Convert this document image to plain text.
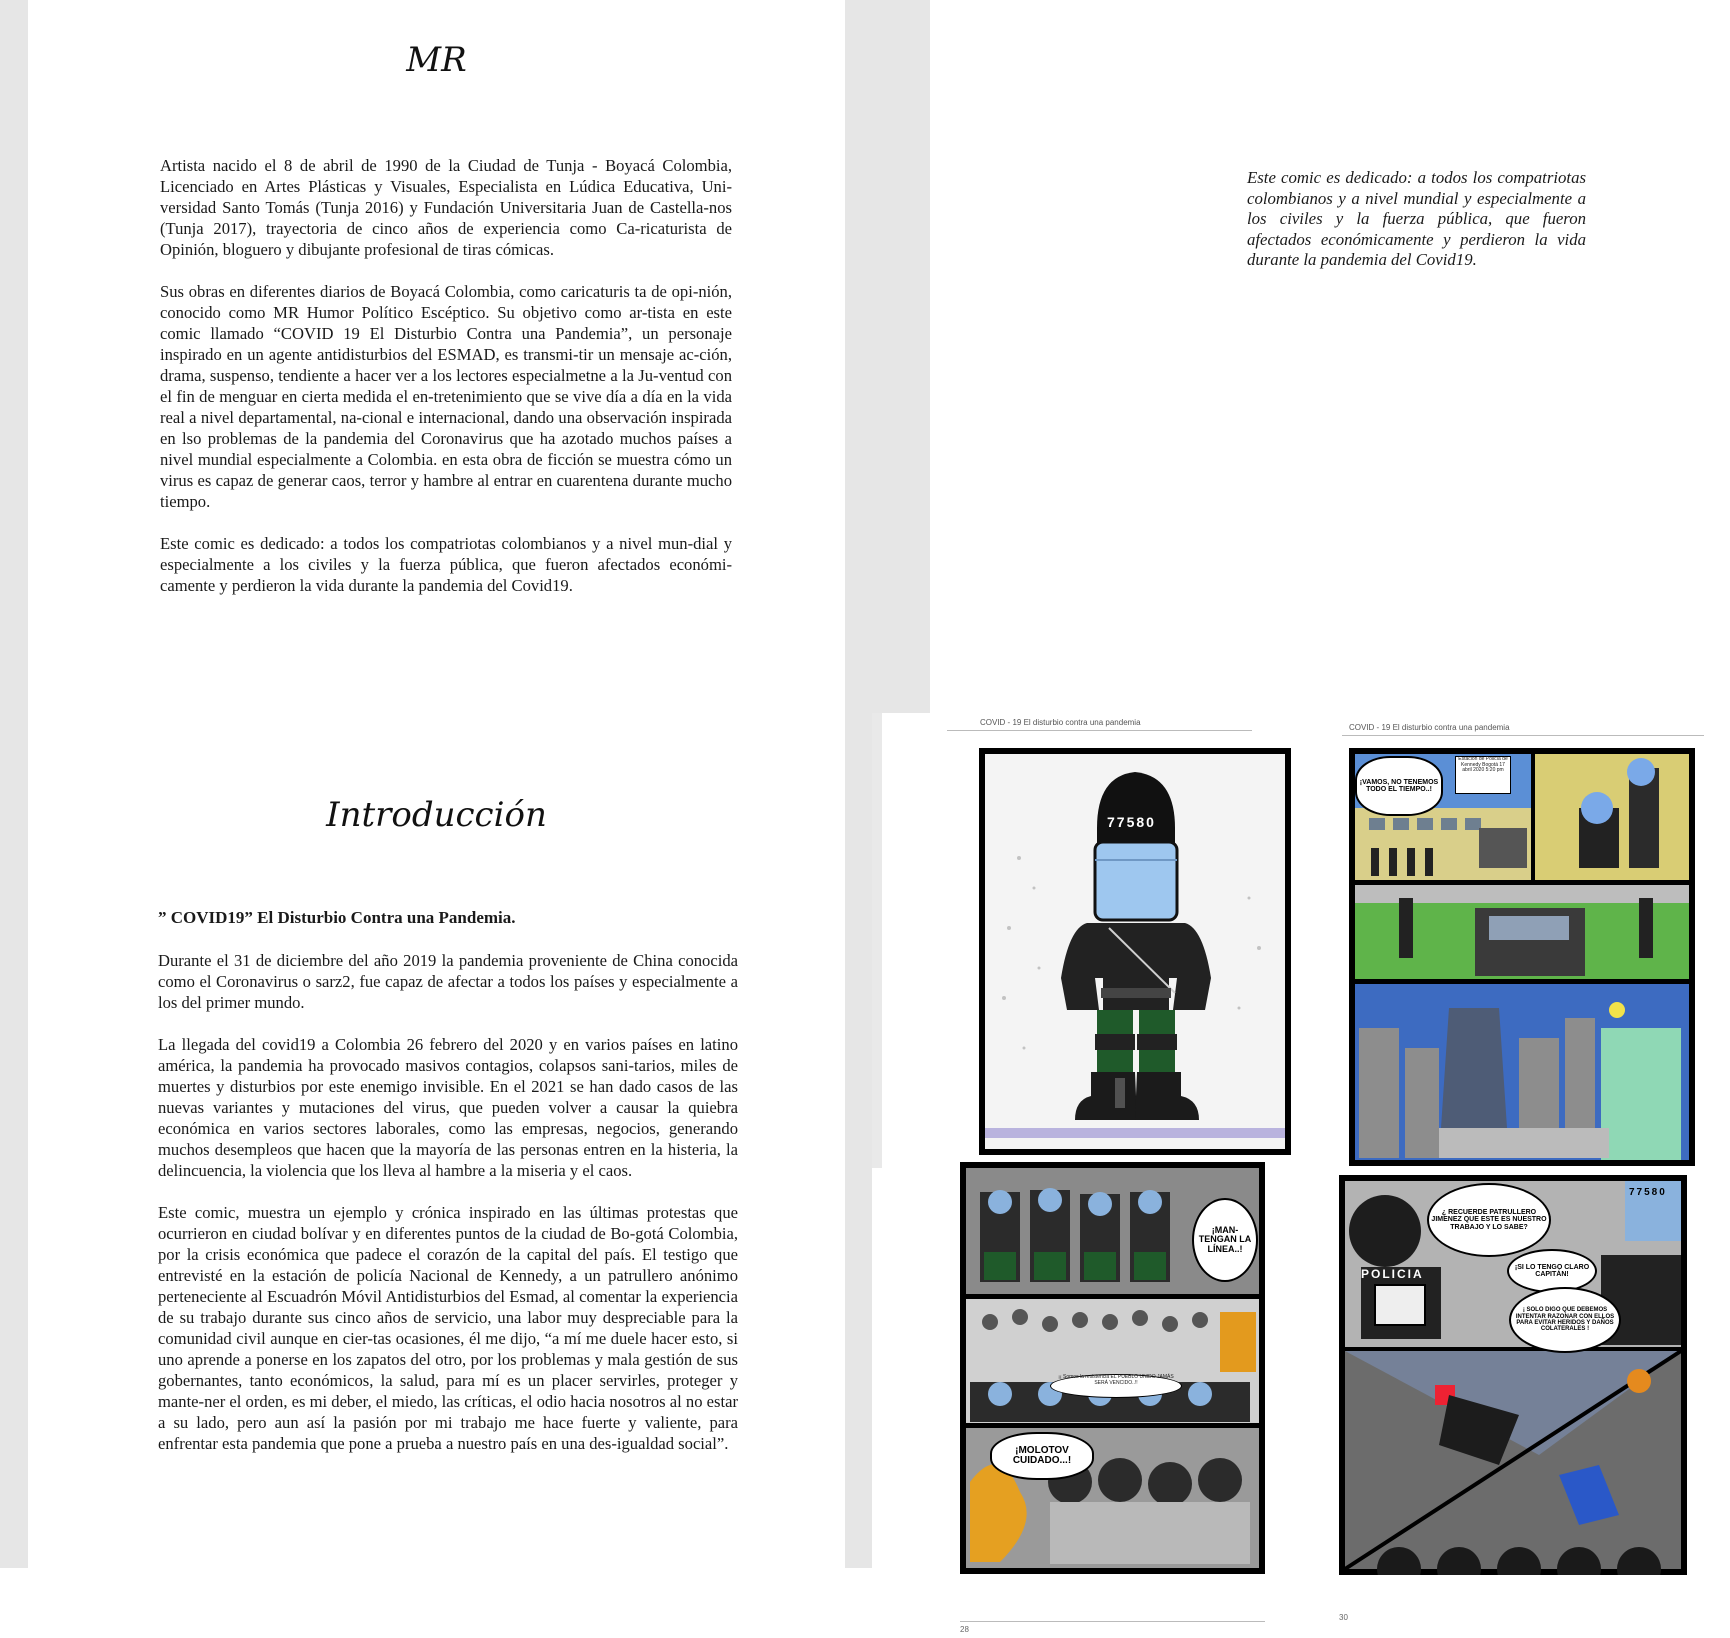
MR

Artista nacido el 8 de abril de 1990 de la Ciudad de Tunja - Boyacá Colombia, Licenciado en Artes Plásticas y Visuales, Especialista en Lúdica Educativa, Uni-versidad Santo Tomás (Tunja 2016) y Fundación Universitaria Juan de Castella-nos (Tunja 2017), trayectoria de cinco años de experiencia como Ca-ricaturista de Opinión, bloguero y dibujante profesional de tiras cómicas.

Sus obras en diferentes diarios de Boyacá Colombia, como caricaturis ta de opi-nión, conocido como MR Humor Político Escéptico. Su objetivo como ar-tista en este comic llamado “COVID 19 El Disturbio Contra una Pandemia”, un personaje inspirado en un agente antidisturbios del ESMAD, es transmi-tir un mensaje ac-ción, drama, suspenso, tendiente a hacer ver a los lectores especialmetne a la Ju-ventud con el fin de menguar en cierta medida el en-tretenimiento que se vive día a día en la vida real a nivel departamental, na-cional e internacional, dando una observación inspirada en lso problemas de la pandemia del Coronavirus que ha azotado muchos países a nivel mundial especialmente a Colombia. en esta obra de ficción se muestra cómo un virus es capaz de generar caos, terror y hambre al entrar en cuarentena durante mucho tiempo.

Este comic es dedicado: a todos los compatriotas colombianos y a nivel mun-dial y especialmente a los civiles y la fuerza pública, que fueron afectados económi-camente y perdieron la vida durante la pandemia del Covid19.

Este comic es dedicado: a todos los compatriotas colombianos y a nivel mundial y especialmente a los civiles y la fuerza pública, que fueron afectados económicamente y perdieron la vida durante la pandemia del Covid19.

Introducción

” COVID19” El Disturbio Contra una Pandemia.

Durante el 31 de diciembre del año 2019 la pandemia proveniente de China conocida como el Coronavirus o sarz2, fue capaz de afectar a todos los países y especialmente a los del primer mundo.

La llegada del covid19 a Colombia 26 febrero del 2020 y en varios países en latino américa, la pandemia ha provocado masivos contagios, colapsos sani-tarios, miles de muertes y disturbios por este enemigo invisible. En el 2021 se han dado casos de las nuevas variantes y mutaciones del virus, que pueden volver a causar la quiebra económica en varios sectores laborales, como las empresas, negocios, generando muchos desempleos que hacen que la mayoría de las personas entren en la histeria, la delincuencia, la violencia que los lleva al hambre a la miseria y el caos.

Este comic, muestra un ejemplo y crónica inspirado en las últimas protestas que ocurrieron en ciudad bolívar y en diferentes puntos de la ciudad de Bo-gotá Colombia, por la crisis económica que padece el corazón de la capital del país. El testigo que entrevisté en la estación de policía Nacional de Kennedy, a un patrullero anónimo perteneciente al Escuadrón Móvil Antidisturbios del Esmad, al comentar la experiencia de su trabajo durante sus cinco años de servicio, una labor muy despreciable para la comunidad civil aunque en cier-tas ocasiones, él me dijo, “a mí me duele hacer esto, si uno aprende a ponerse en los zapatos del otro, por los problemas y mala gestión de sus gobernantes, tanto económicos, la salud, para mí es un placer servirles, proteger y mante-ner el orden, es mi deber, el miedo, las críticas, el odio hacia nosotros al no estar a su lado, pero aun así la pasión por mi trabajo me hace fuerte y valiente, para enfrentar esta pandemia que pone a prueba a nuestro país en una des-igualdad social”.

COVID - 19 El disturbio contra una pandemia
COVID - 19 El disturbio contra una pandemia
77580
¡VAMOS, NO TENEMOS TODO EL TIEMPO..!
Estación de Policía de Kennedy Bogotá 17 abril 2020 5:20 pm
¡MAN-TENGAN LA LÍNEA..!
¡¡ Somos la resistencia EL PUEBLO UNIDO JAMÁS SERÁ VENCIDO..!!
¡MOLOTOV CUIDADO...!
¿ RECUERDE PATRULLERO JIMENEZ QUE ESTE ES NUESTRO TRABAJO Y LO SABE?
77580
¡SI LO TENGO CLARO CAPITÁN!
¡ SOLO DIGO QUE DEBEMOS INTENTAR RAZONAR CON ELLOS PARA EVITAR HERIDOS Y DAÑOS COLATERALES !
POLICIA
28
30
